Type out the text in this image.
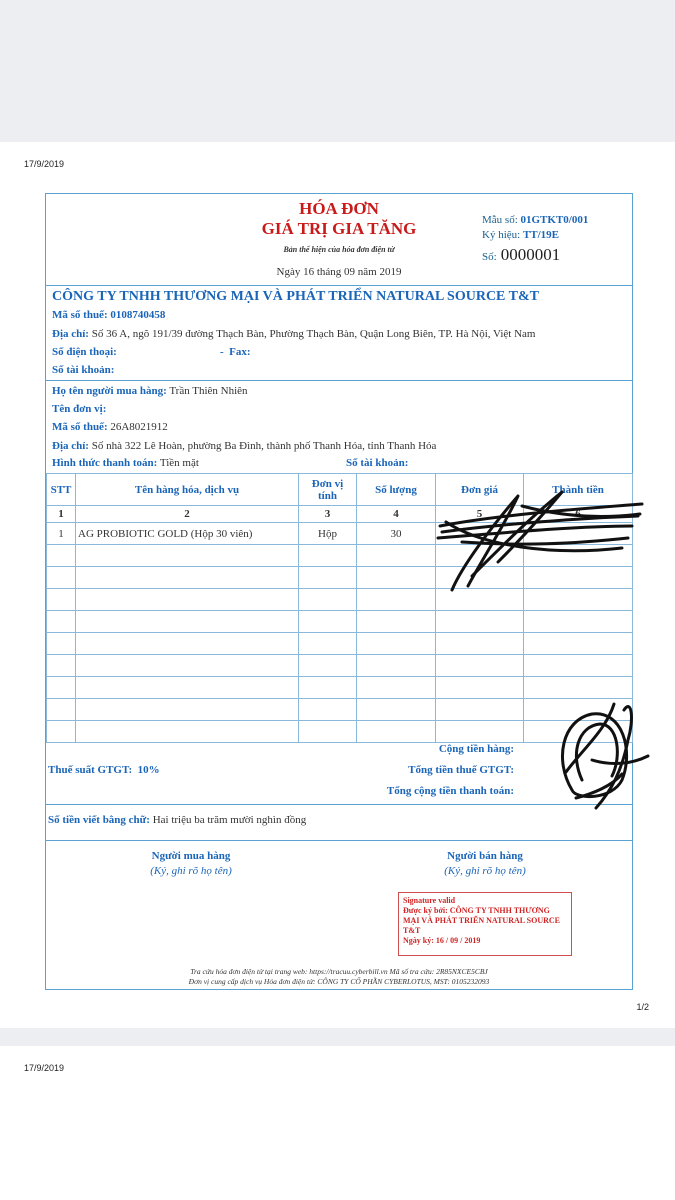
17/9/2019
HÓA ĐƠN
GIÁ TRỊ GIA TĂNG
Bản thể hiện của hóa đơn điện tử
Ngày 16 tháng 09 năm 2019
Mẫu số: 01GTKT0/001
Ký hiệu: TT/19E
Số: 0000001
CÔNG TY TNHH THƯƠNG MẠI VÀ PHÁT TRIỂN NATURAL SOURCE T&T
Mã số thuế: 0108740458
Địa chỉ: Số 36 A, ngõ 191/39 đường Thạch Bàn, Phường Thạch Bàn, Quận Long Biên, TP. Hà Nội, Việt Nam
Số điện thoại:	- Fax:
Số tài khoản:
Họ tên người mua hàng: Trần Thiên Nhiên
Tên đơn vị:
Mã số thuế: 26A8021912
Địa chỉ: Số nhà 322 Lê Hoàn, phường Ba Đình, thành phố Thanh Hóa, tỉnh Thanh Hóa
Hình thức thanh toán: Tiền mặt	Số tài khoản:
STT	Tên hàng hóa, dịch vụ	Đơn vị tính	Số lượng	Đơn giá	Thành tiền
1	2	3	4	5	6
1	AG PROBIOTIC GOLD (Hộp 30 viên)	Hộp	30		

Cộng tiền hàng:
Thuế suất GTGT: 10%	Tổng tiền thuế GTGT:
Tổng cộng tiền thanh toán:
Số tiền viết bằng chữ: Hai triệu ba trăm mười nghìn đồng
Người mua hàng
(Ký, ghi rõ họ tên)
Người bán hàng
(Ký, ghi rõ họ tên)
Signature valid
Được ký bởi: CÔNG TY TNHH THƯƠNG MẠI VÀ PHÁT TRIỂN NATURAL SOURCE T&T
Ngày ký: 16 / 09 / 2019
Tra cứu hóa đơn điện tử tại trang web: https://tracuu.cyberbill.vn Mã số tra cứu: 2R85NXCE5CBJ
Đơn vị cung cấp dịch vụ Hóa đơn điện tử: CÔNG TY CỔ PHẦN CYBERLOTUS, MST: 0105232093
1/2
17/9/2019
